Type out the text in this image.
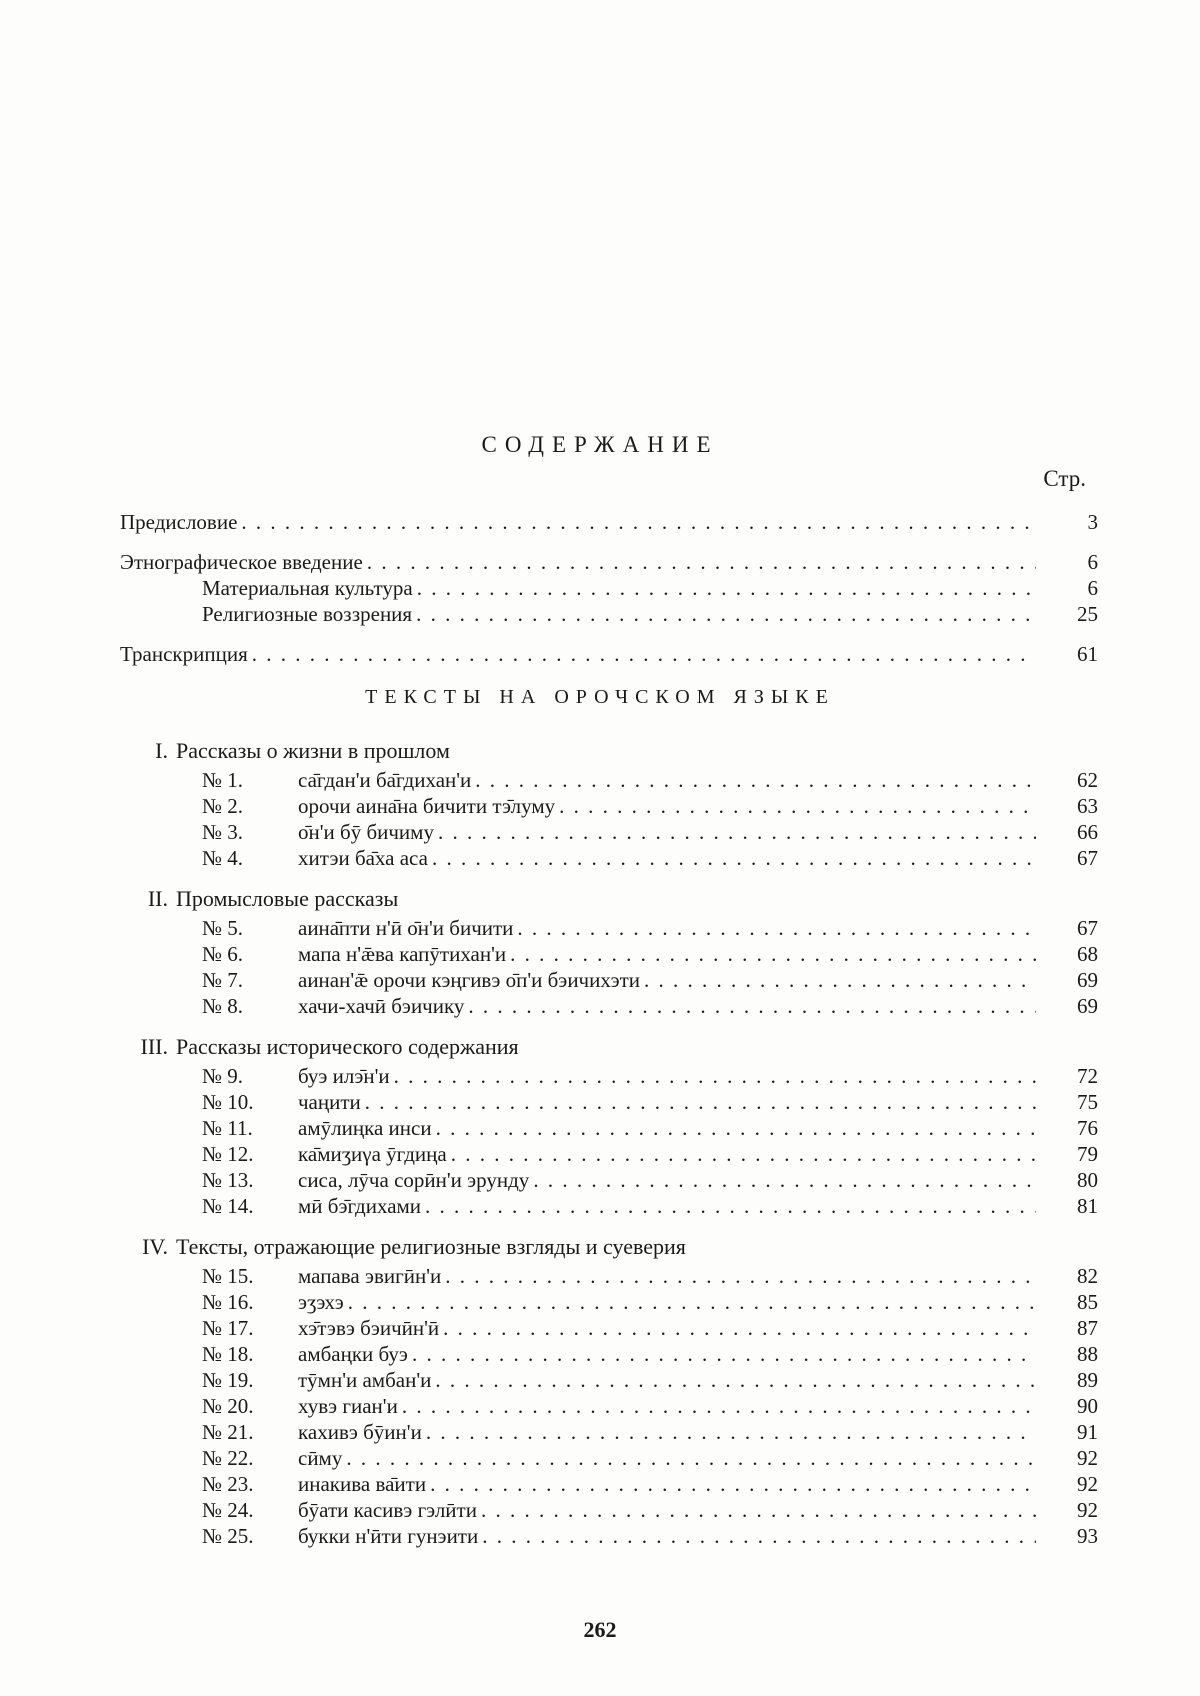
СОДЕРЖАНИЕ
Стр.
Предисловие . . .	3
Этнографическое введение . . .	6
Материальная культура . . .	6
Религиозные воззрения . . .	25
Транскрипция . . .	61
ТЕКСТЫ НА ОРОЧСКОМ ЯЗЫКЕ
I. Рассказы о жизни в прошлом
№ 1.	са̄гдан'и ба̄гдихан'и . . .	62
№ 2.	орочи аина̄на бичити тэ̄луму . . .	63
№ 3.	о̄н'и бӯ бичиму . . .	66
№ 4.	хитэи ба̄ха аса . . .	67
II. Промысловые рассказы
№ 5.	аина̄пти н'ӣ о̄н'и бичити . . .	67
№ 6.	мапа н'ǣва капӯтихан'и . . .	68
№ 7.	аинан'ǣ орочи кэңгивэ о̄п'и бэичихэти . . .	69
№ 8.	хачи-хачӣ бэичику . . .	69
III. Рассказы исторического содержания
№ 9.	буэ илэ̄н'и . . .	72
№ 10. чаңити . . .	75
№ 11. амӯлиңка инси . . .	76
№ 12. ка̄миӡиγа ӯгдиңа . . .	79
№ 13. сиса, лӯча сорӣн'и эрунду . . .	80
№ 14. мӣ бэ̄гдихами . . .	81
IV. Тексты, отражающие религиозные взгляды и суеверия
№ 15. мапава эвигӣн'и . . .	82
№ 16. эӡэхэ . . .	85
№ 17. хэ̄тэвэ бэичӣн'ӣ . . .	87
№ 18. амбаңки буэ . . .	88
№ 19. тӯмн'и амбан'и . . .	89
№ 20. хувэ гиан'и . . .	90
№ 21. кахивэ бӯин'и . . .	91
№ 22. сӣму . . .	92
№ 23. инакива ва̄ити . . .	92
№ 24. бӯати касивэ гэлӣти . . .	92
№ 25. букки н'ӣти гунэити . . .	93
262
